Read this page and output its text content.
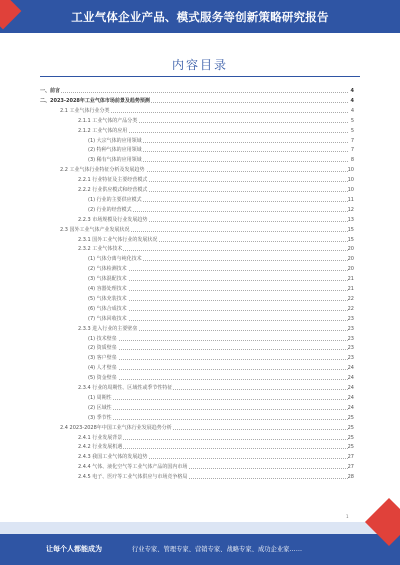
工业气体企业产品、模式服务等创新策略研究报告
内容目录
一、前言	4
二、2023-2028年工业气体市场前景及趋势预测	4
2.1 工业气体行业分类	4
2.1.1 工业气体的产品分类	5
2.1.2 工业气体的应用	5
(1) 大宗气体的应用领域	7
(2) 特种气体的应用领域	7
(3) 稀有气体的应用领域	8
2.2 工业气体行业特征分析及发展趋势	10
2.2.1 行业特征及主要经营模式	10
2.2.2 行业供应模式和经营模式	10
(1) 行业的主要供应模式	11
(2) 行业的经营模式	12
2.2.3 市场规模及行业发展趋势	13
2.3 国外工业气体产业发展状况	15
2.3.1 国外工业气体行业的发展状况	15
2.3.2 工业气体技术	20
(1) 气体分离与纯化技术	20
(2) 气体检测技术	20
(3) 气体混配技术	21
(4) 容器处理技术	21
(5) 气体充装技术	22
(6) 气体合成技术	22
(7) 气体回收技术	23
2.3.3 进入行业的主要壁垒	23
(1) 技术壁垒	23
(2) 资质壁垒	23
(3) 客户壁垒	23
(4) 人才壁垒	24
(5) 资金壁垒	24
2.3.4 行业的周期性、区域性或季节性特征	24
(1) 周期性	24
(2) 区域性	24
(3) 季节性	25
2.4 2023-2028年中国工业气体行业发展趋势分析	25
2.4.1 行业发展背景	25
2.4.2 行业发展机遇	25
2.4.3 我国工业气体的发展趋势	27
2.4.4 气体、液化空气等工业气体产品的国内市场	27
2.4.5 电子、医疗等工业气体供应与市场竞争格局	28
1
让每个人都能成为	行业专家、管理专家、营销专家、战略专家、成功企业家……
